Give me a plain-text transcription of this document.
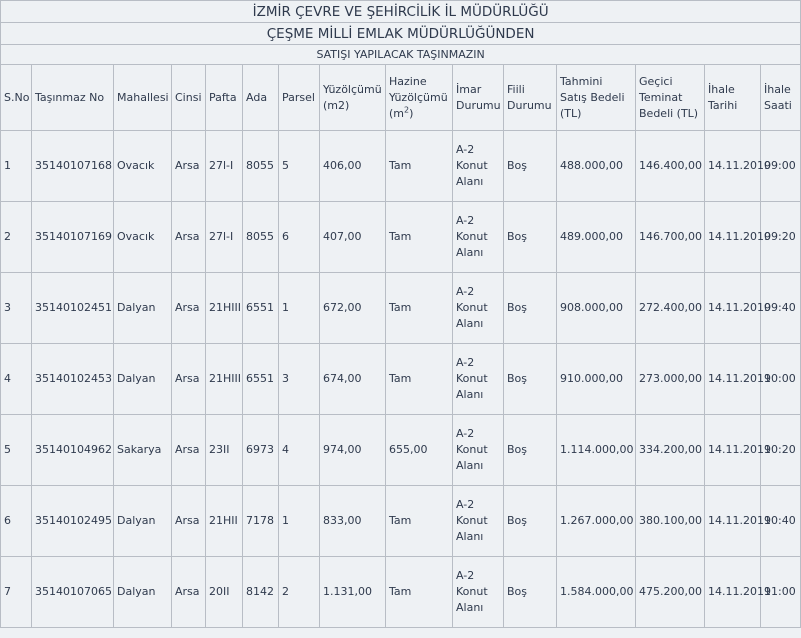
İZMİR ÇEVRE VE ŞEHİRCİLİK İL MÜDÜRLÜĞÜ														
ÇEŞME MİLLİ EMLAK MÜDÜRLÜĞÜNDEN														
SATIŞI YAPILACAK TAŞINMAZIN														
S.No	Taşınmaz No	Mahallesi	Cinsi	Pafta	Ada	Parsel	Yüzölçümü (m2)	Hazine Yüzölçümü $(m^2)$	İmar Durumu	Fiili Durumu	Tahmini Satış Bedeli (TL)	Geçici Teminat Bedeli (TL)	İhale Tarihi	İhale Saati
1	35140107168	Ovacık	Arsa	27l-I	8055	5	406,00	Tam	A-2 Konut Alanı	Boş	488.000,00	146.400,00	14.11.2019	09:00
2	35140107169	Ovacık	Arsa	27l-I	8055	6	407,00	Tam	A-2 Konut Alanı	Boş	489.000,00	146.700,00	14.11.2019	09:20
3	35140102451	Dalyan	Arsa	21HIII	6551	1	672,00	Tam	A-2 Konut Alanı	Boş	908.000,00	272.400,00	14.11.2019	09:40
4	35140102453	Dalyan	Arsa	21HIII	6551	3	674,00	Tam	A-2 Konut Alanı	Boş	910.000,00	273.000,00	14.11.2019	10:00
5	35140104962	Sakarya	Arsa	23II	6973	4	974,00	655,00	A-2 Konut Alanı	Boş	1.114.000,00	334.200,00	14.11.2019	10:20
6	35140102495	Dalyan	Arsa	21HII	7178	1	833,00	Tam	A-2 Konut Alanı	Boş	1.267.000,00	380.100,00	14.11.2019	10:40
7	35140107065	Dalyan	Arsa	20II	8142	2	1.131,00	Tam	A-2 Konut Alanı	Boş	1.584.000,00	475.200,00	14.11.2019	11:00
